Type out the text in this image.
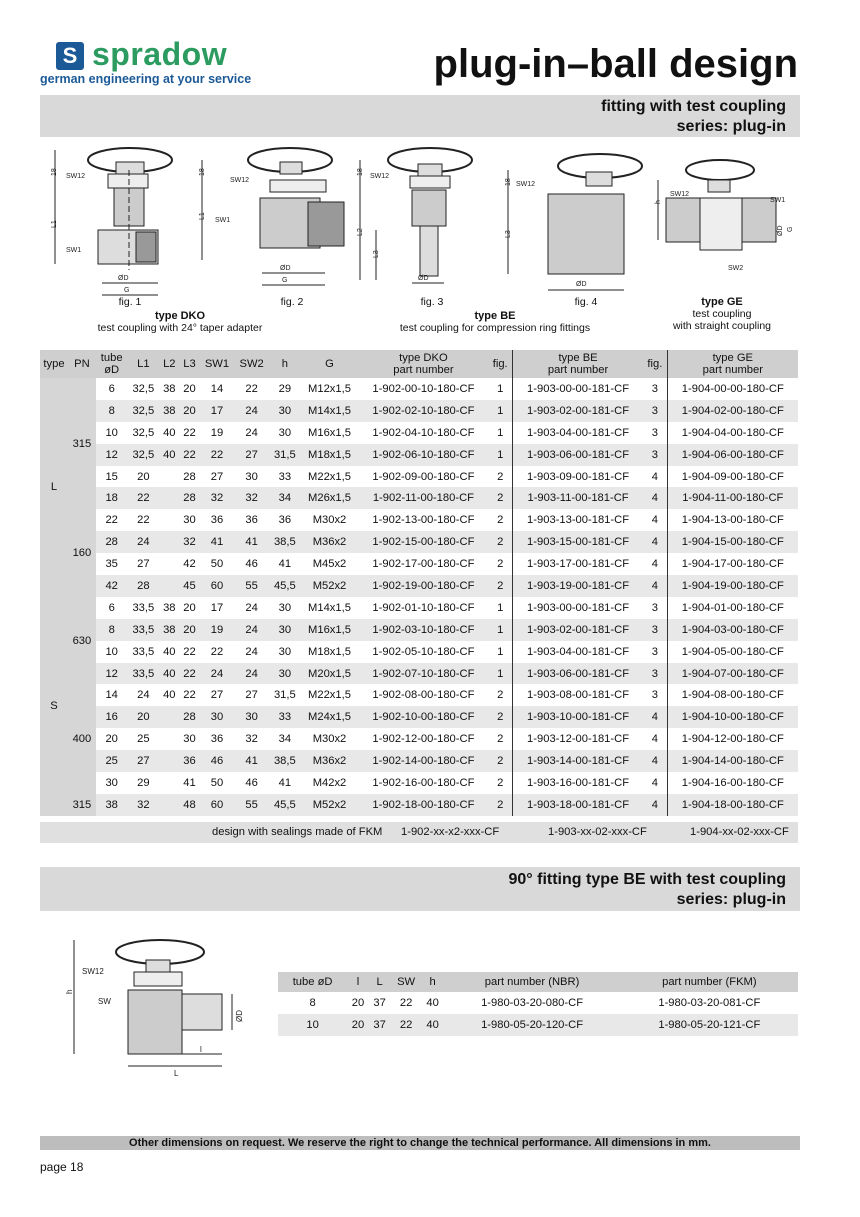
S spradow
german engineering at your service	plug-in–ball design
fitting with test coupling
series: plug-in
18
L1
SW12
SW1
ØD
G
18
L1
SW12
SW1
ØD
G
18
L2
L3
SW12
ØD
18
L3
SW12
ØD
h
SW12
SW1
SW2
ØD G
fig. 1	fig. 2	fig. 3	fig. 4
type DKO
test coupling with 24° taper adapter
type BE
test coupling for compression ring fittings
type GE
test coupling
with straight coupling
type	PN	tube
øD	L1	L2	L3	SW1	SW2	h	G	type DKO
part number	fig.	type BE
part number	fig.	type GE
part number
L	315	6	32,5	38	20	14	22	29	M12x1,5	1-902-00-10-180-CF	1	1-903-00-00-181-CF	3	1-904-00-00-180-CF
		8	32,5	38	20	17	24	30	M14x1,5	1-902-02-10-180-CF	1	1-903-02-00-181-CF	3	1-904-02-00-180-CF
		10	32,5	40	22	19	24	30	M16x1,5	1-902-04-10-180-CF	1	1-903-04-00-181-CF	3	1-904-04-00-180-CF
		12	32,5	40	22	22	27	31,5	M18x1,5	1-902-06-10-180-CF	1	1-903-06-00-181-CF	3	1-904-06-00-180-CF
		15	20		28	27	30	33	M22x1,5	1-902-09-00-180-CF	2	1-903-09-00-181-CF	4	1-904-09-00-180-CF
		18	22		28	32	32	34	M26x1,5	1-902-11-00-180-CF	2	1-903-11-00-181-CF	4	1-904-11-00-180-CF
	160	22	22		30	36	36	36	M30x2	1-902-13-00-180-CF	2	1-903-13-00-181-CF	4	1-904-13-00-180-CF
		28	24		32	41	41	38,5	M36x2	1-902-15-00-180-CF	2	1-903-15-00-181-CF	4	1-904-15-00-180-CF
		35	27		42	50	46	41	M45x2	1-902-17-00-180-CF	2	1-903-17-00-181-CF	4	1-904-17-00-180-CF
		42	28		45	60	55	45,5	M52x2	1-902-19-00-180-CF	2	1-903-19-00-181-CF	4	1-904-19-00-180-CF
S	630	6	33,5	38	20	17	24	30	M14x1,5	1-902-01-10-180-CF	1	1-903-00-00-181-CF	3	1-904-01-00-180-CF
		8	33,5	38	20	19	24	30	M16x1,5	1-902-03-10-180-CF	1	1-903-02-00-181-CF	3	1-904-03-00-180-CF
		10	33,5	40	22	22	24	30	M18x1,5	1-902-05-10-180-CF	1	1-903-04-00-181-CF	3	1-904-05-00-180-CF
		12	33,5	40	22	24	24	30	M20x1,5	1-902-07-10-180-CF	1	1-903-06-00-181-CF	3	1-904-07-00-180-CF
	400	14	24	40	22	27	27	31,5	M22x1,5	1-902-08-00-180-CF	2	1-903-08-00-181-CF	3	1-904-08-00-180-CF
		16	20		28	30	30	33	M24x1,5	1-902-10-00-180-CF	2	1-903-10-00-181-CF	4	1-904-10-00-180-CF
		20	25		30	36	32	34	M30x2	1-902-12-00-180-CF	2	1-903-12-00-181-CF	4	1-904-12-00-180-CF
		25	27		36	46	41	38,5	M36x2	1-902-14-00-180-CF	2	1-903-14-00-181-CF	4	1-904-14-00-180-CF
		30	29		41	50	46	41	M42x2	1-902-16-00-180-CF	2	1-903-16-00-181-CF	4	1-904-16-00-180-CF
	315	38	32		48	60	55	45,5	M52x2	1-902-18-00-180-CF	2	1-903-18-00-181-CF	4	1-904-18-00-180-CF
design with sealings made of FKM 1-902-xx-x2-xxx-CF	1-903-xx-02-xxx-CF	1-904-xx-02-xxx-CF
90° fitting type BE with test coupling
series: plug-in
h
SW12
SW
ØD
l
L
tube øD	l	L	SW	h	part number (NBR)	part number (FKM)
8	20	37	22	40	1-980-03-20-080-CF	1-980-03-20-081-CF
10	20	37	22	40	1-980-05-20-120-CF	1-980-05-20-121-CF
Other dimensions on request. We reserve the right to change the technical performance. All dimensions in mm.
page 18
